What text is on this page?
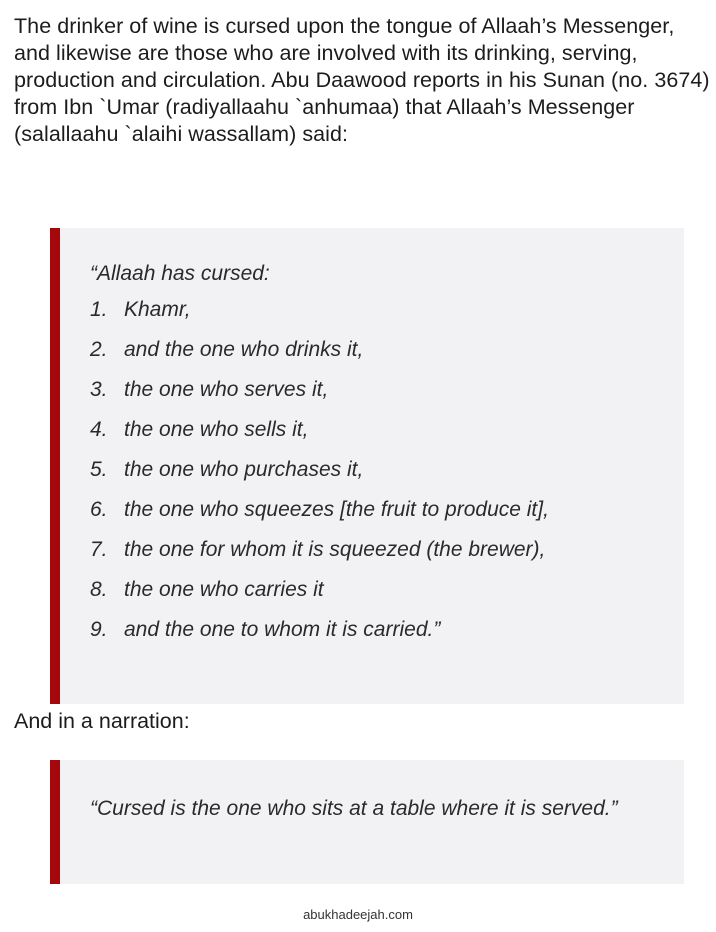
The drinker of wine is cursed upon the tongue of Allaah’s Messenger, and likewise are those who are involved with its drinking, serving, production and circulation. Abu Daawood reports in his Sunan (no. 3674) from Ibn `Umar (radiyallaahu `anhumaa) that Allaah’s Messenger (salallaahu `alaihi wassallam) said:

“Allaah has cursed:
1. Khamr,
2. and the one who drinks it,
3. the one who serves it,
4. the one who sells it,
5. the one who purchases it,
6. the one who squeezes [the fruit to produce it],
7. the one for whom it is squeezed (the brewer),
8. the one who carries it
9. and the one to whom it is carried.”

And in a narration:

“Cursed is the one who sits at a table where it is served.”
abukhadeejah.com
